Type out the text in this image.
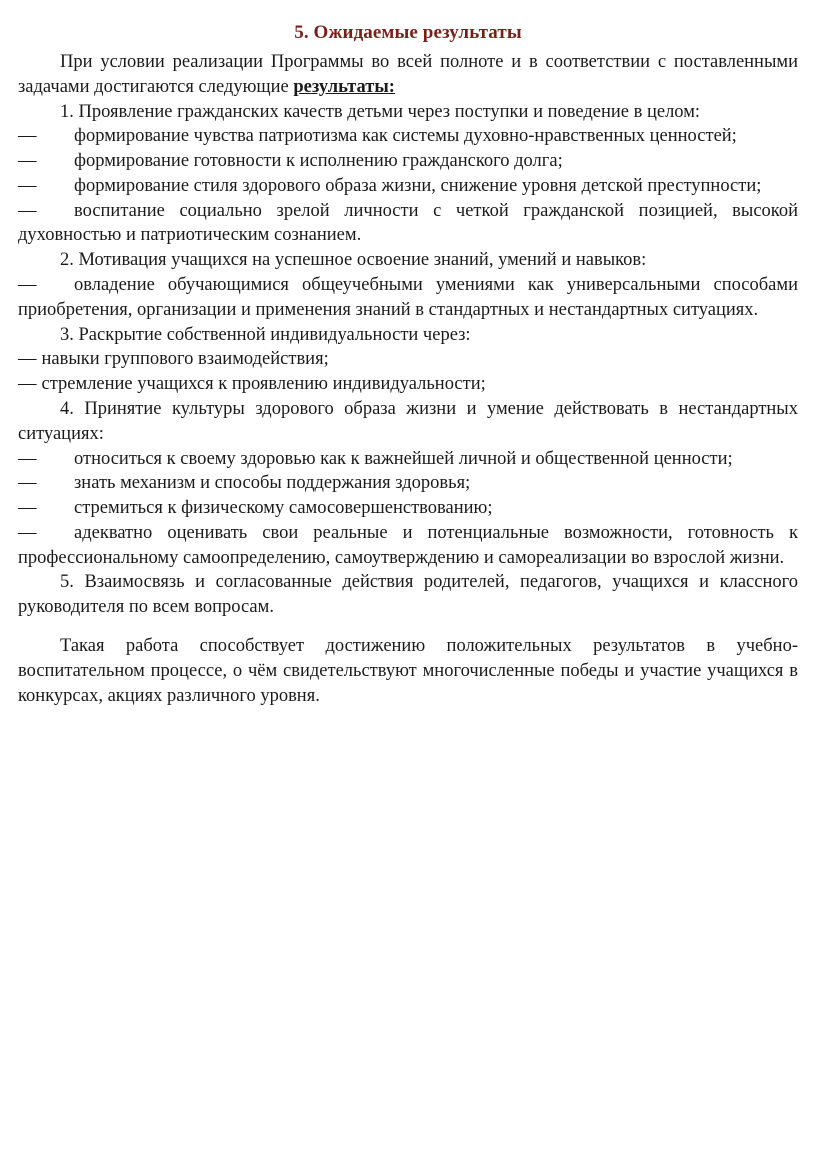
5. Ожидаемые результаты

При условии реализации Программы во всей полноте и в соответствии с поставленными задачами достигаются следующие результаты:

1. Проявление гражданских качеств детьми через поступки и поведение в целом:

— формирование чувства патриотизма как системы духовно-нравственных ценностей;

— формирование готовности к исполнению гражданского долга;

— формирование стиля здорового образа жизни, снижение уровня детской преступности;

— воспитание социально зрелой личности с четкой гражданской позицией, высокой духовностью и патриотическим сознанием.

2. Мотивация учащихся на успешное освоение знаний, умений и навыков:

— овладение обучающимися общеучебными умениями как универсальными способами приобретения, организации и применения знаний в стандартных и нестандартных ситуациях.

3. Раскрытие собственной индивидуальности через:

— навыки группового взаимодействия;

— стремление учащихся к проявлению индивидуальности;

4. Принятие культуры здорового образа жизни и умение действовать в нестандартных ситуациях:

— относиться к своему здоровью как к важнейшей личной и общественной ценности;

— знать механизм и способы поддержания здоровья;

— стремиться к физическому самосовершенствованию;

— адекватно оценивать свои реальные и потенциальные возможности, готовность к профессиональному самоопределению, самоутверждению и самореализации во взрослой жизни.

5. Взаимосвязь и согласованные действия родителей, педагогов, учащихся и классного руководителя по всем вопросам.

Такая работа способствует достижению положительных результатов в учебно-воспитательном процессе, о чём свидетельствуют многочисленные победы и участие учащихся в конкурсах, акциях различного уровня.
